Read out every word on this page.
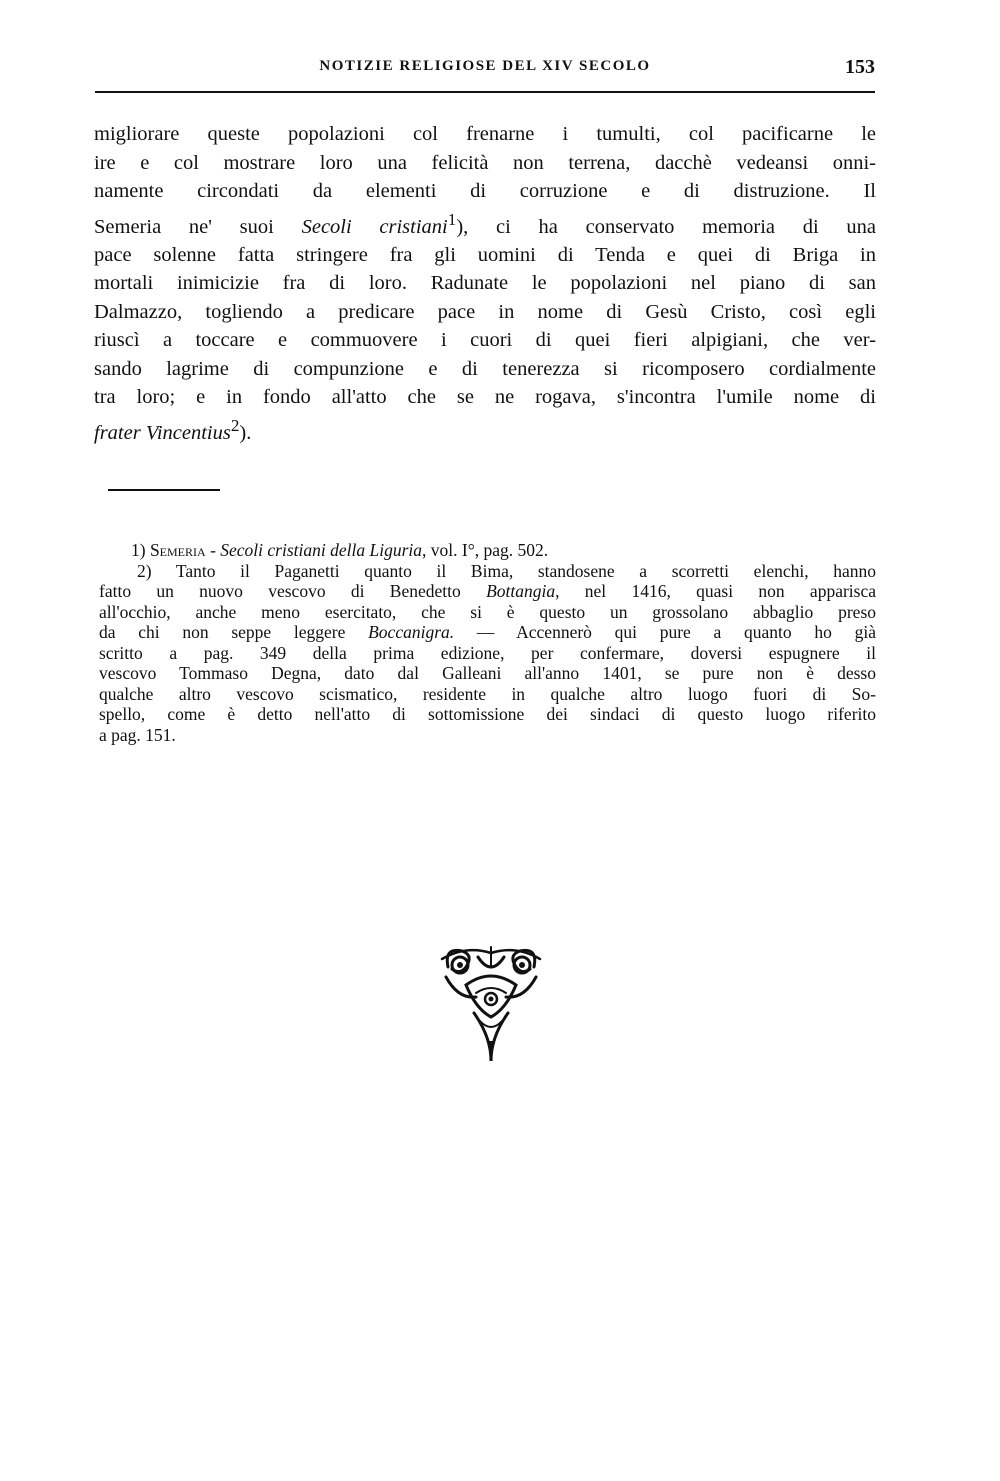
NOTIZIE RELIGIOSE DEL XIV SECOLO	153
migliorare queste popolazioni col frenarne i tumulti, col pacificarne le
ire e col mostrare loro una felicità non terrena, dacchè vedeansi onni-
namente circondati da elementi di corruzione e di distruzione. Il
Semeria ne' suoi Secoli cristiani$^1$), ci ha conservato memoria di una
pace solenne fatta stringere fra gli uomini di Tenda e quei di Briga in
mortali inimicizie fra di loro. Radunate le popolazioni nel piano di san
Dalmazzo, togliendo a predicare pace in nome di Gesù Cristo, così egli
riuscì a toccare e commuovere i cuori di quei fieri alpigiani, che ver-
sando lagrime di compunzione e di tenerezza si ricomposero cordialmente
tra loro; e in fondo all'atto che se ne rogava, s'incontra l'umile nome di
frater Vincentius$^2$).
1) Semeria - Secoli cristiani della Liguria, vol. I°, pag. 502.
2) Tanto il Paganetti quanto il Bima, standosene a scorretti elenchi, hanno
fatto un nuovo vescovo di Benedetto Bottangia, nel 1416, quasi non apparisca
all'occhio, anche meno esercitato, che si è questo un grossolano abbaglio preso
da chi non seppe leggere Boccanigra. — Accennerò qui pure a quanto ho già
scritto a pag. 349 della prima edizione, per confermare, doversi espugnere il
vescovo Tommaso Degna, dato dal Galleani all'anno 1401, se pure non è desso
qualche altro vescovo scismatico, residente in qualche altro luogo fuori di So-
spello, come è detto nell'atto di sottomissione dei sindaci di questo luogo riferito
a pag. 151.
